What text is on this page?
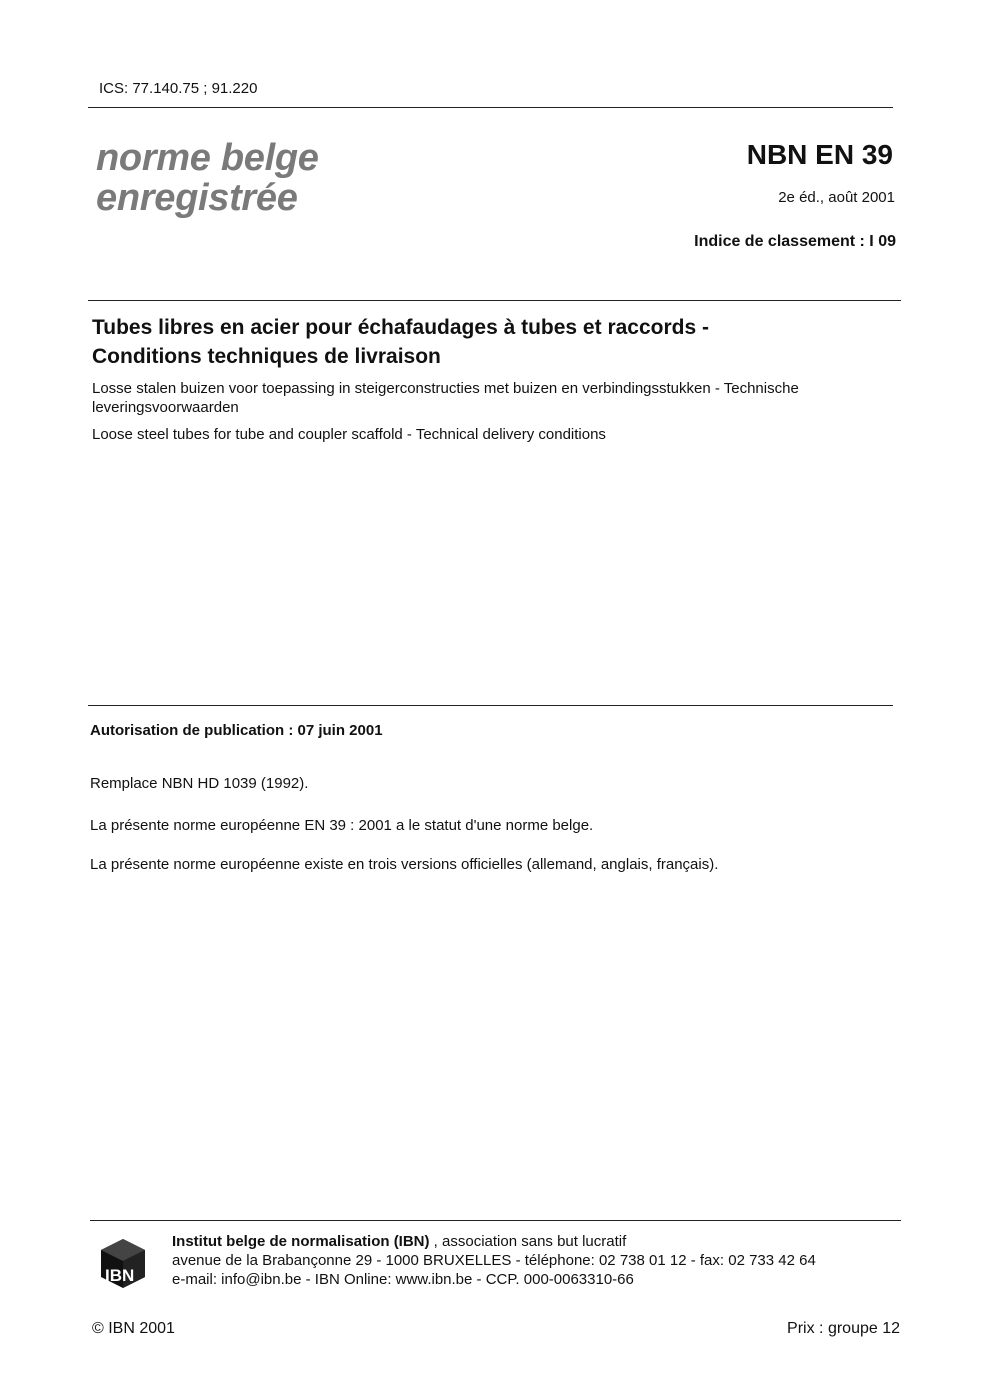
ICS: 77.140.75 ; 91.220
norme belge
enregistrée
NBN EN 39
2e éd., août 2001
Indice de classement : I 09
Tubes libres en acier pour échafaudages à tubes et raccords -
Conditions techniques de livraison
Losse stalen buizen voor toepassing in steigerconstructies met buizen en verbindingsstukken - Technische leveringsvoorwaarden
Loose steel tubes for tube and coupler scaffold - Technical delivery conditions
Autorisation de publication : 07 juin 2001
Remplace NBN HD 1039 (1992).
La présente norme européenne EN 39 : 2001 a le statut d'une norme belge.
La présente norme européenne existe en trois versions officielles (allemand, anglais, français).
IBN
Institut belge de normalisation (IBN) , association sans but lucratif
avenue de la Brabançonne 29 - 1000 BRUXELLES - téléphone: 02 738 01 12 - fax: 02 733 42 64
e-mail: info@ibn.be - IBN Online: www.ibn.be - CCP. 000-0063310-66
© IBN 2001	Prix : groupe 12
